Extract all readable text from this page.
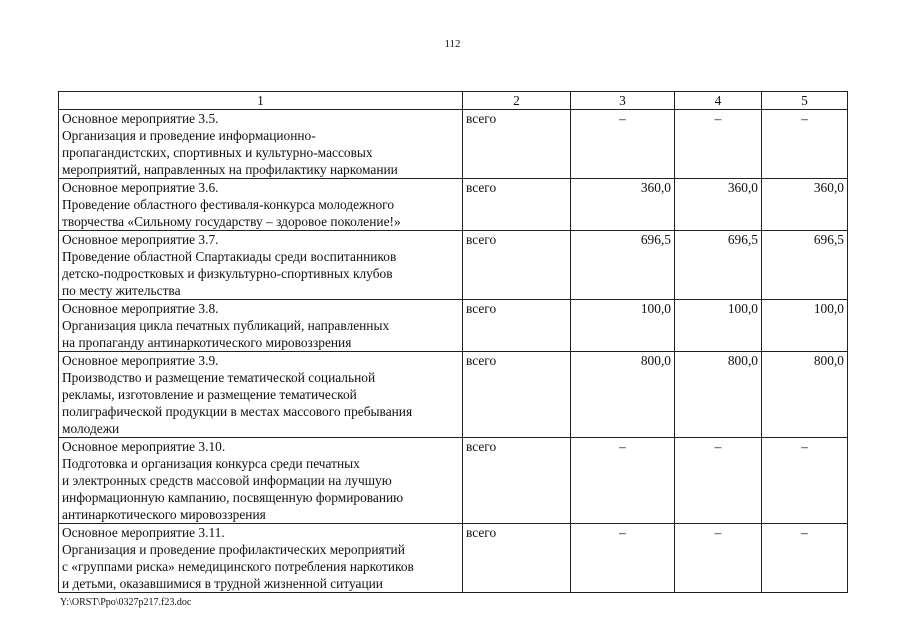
112
1	2	3	4	5

Основное мероприятие 3.5.
Организация и проведение информационно-
пропагандистских, спортивных и культурно-массовых
мероприятий, направленных на профилактику наркомании	всего	–	–	–

Основное мероприятие 3.6.
Проведение областного фестиваля-конкурса молодежного
творчества «Сильному государству – здоровое поколение!»	всего	360,0	360,0	360,0

Основное мероприятие 3.7.
Проведение областной Спартакиады среди воспитанников
детско-подростковых и физкультурно-спортивных клубов
по месту жительства	всего	696,5	696,5	696,5

Основное мероприятие 3.8.
Организация цикла печатных публикаций, направленных
на пропаганду антинаркотического мировоззрения	всего	100,0	100,0	100,0

Основное мероприятие 3.9.
Производство и размещение тематической социальной
рекламы, изготовление и размещение тематической
полиграфической продукции в местах массового пребывания
молодежи	всего	800,0	800,0	800,0

Основное мероприятие 3.10.
Подготовка и организация конкурса среди печатных
и электронных средств массовой информации на лучшую
информационную кампанию, посвященную формированию
антинаркотического мировоззрения	всего	–	–	–

Основное мероприятие 3.11.
Организация и проведение профилактических мероприятий
с «группами риска» немедицинского потребления наркотиков
и детьми, оказавшимися в трудной жизненной ситуации	всего	–	–	–
Y:\ORST\Ppo\0327p217.f23.doc
